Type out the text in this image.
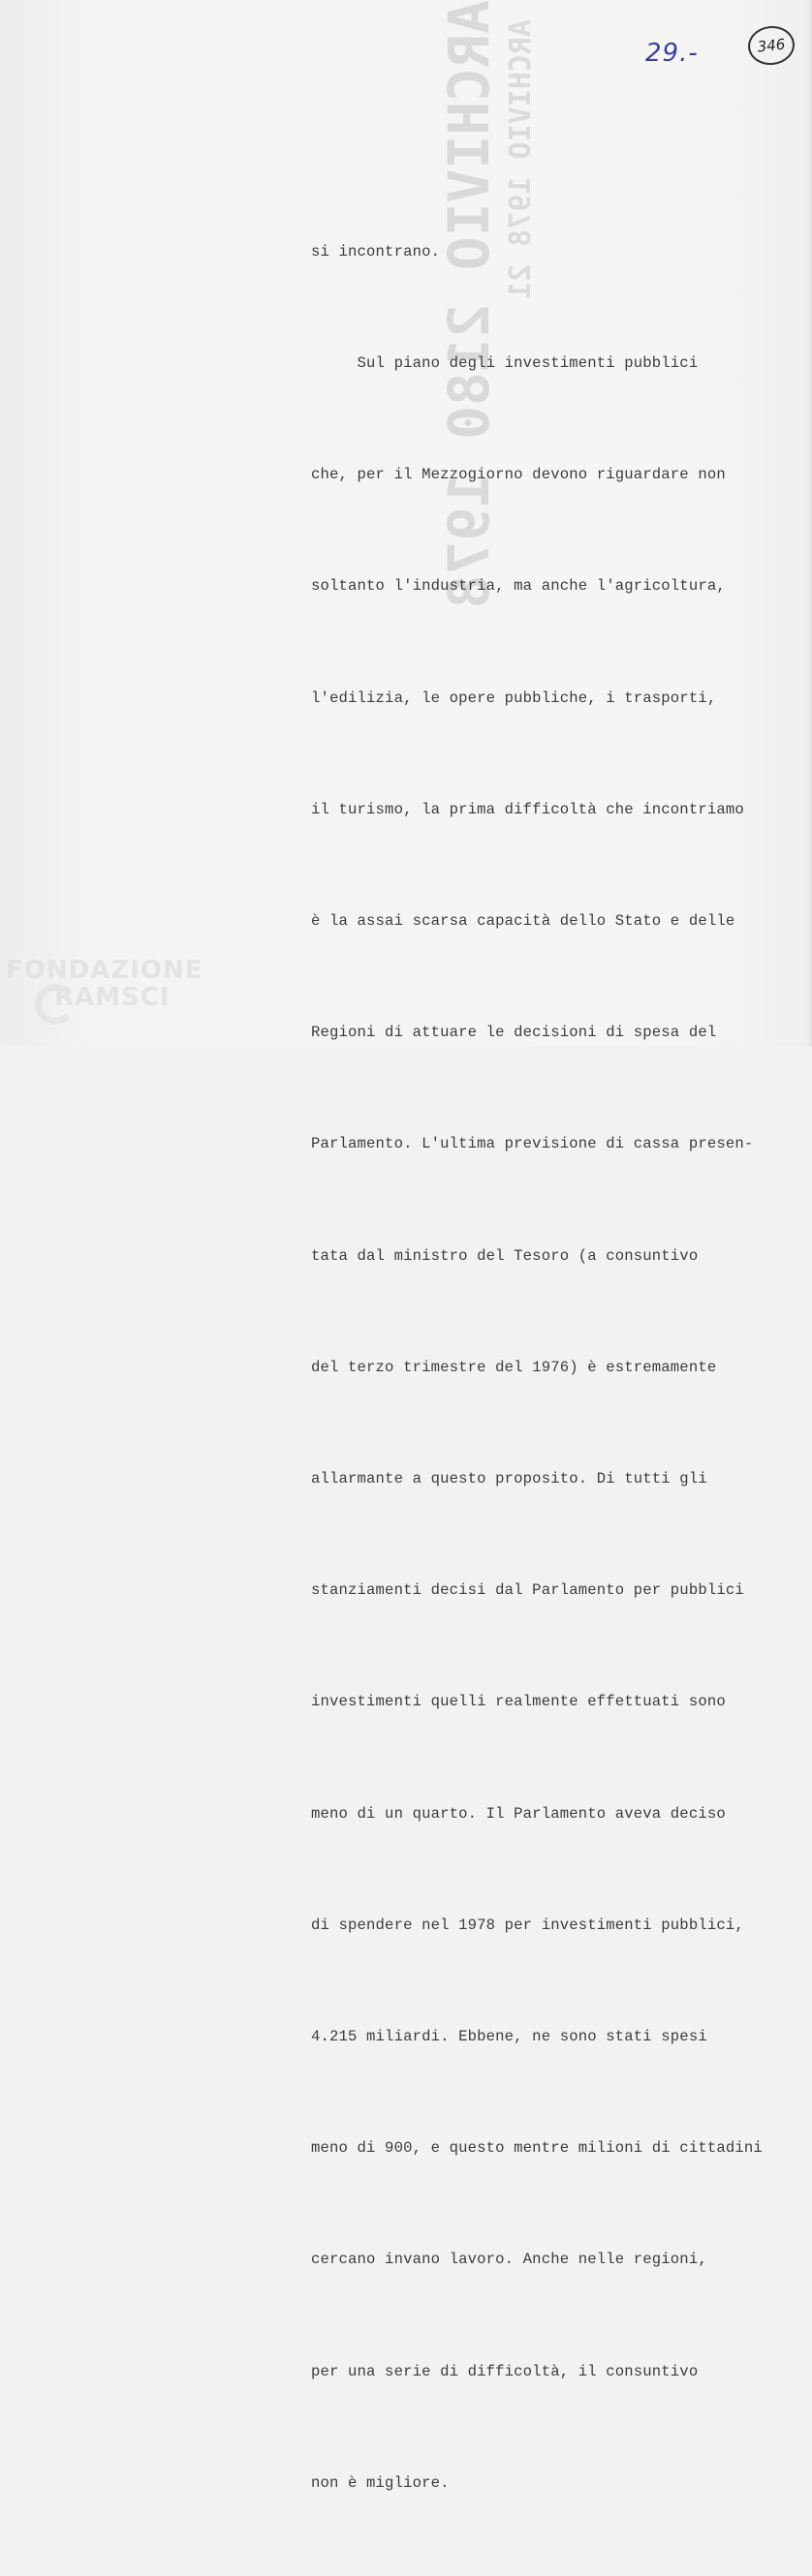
ARCHIVIO 2180 1978 ARCHIVIO 1978 21	29.-	346

si incontrano.

Sul piano degli investimenti pubblici

che, per il Mezzogiorno devono riguardare non

soltanto l'industria, ma anche l'agricoltura,

l'edilizia, le opere pubbliche, i trasporti,

il turismo, la prima difficoltà che incontriamo

è la assai scarsa capacità dello Stato e delle

Regioni di attuare le decisioni di spesa del

Parlamento. L'ultima previsione di cassa presen-

tata dal ministro del Tesoro (a consuntivo

del terzo trimestre del 1976) è estremamente

allarmante a questo proposito. Di tutti gli

stanziamenti decisi dal Parlamento per pubblici

investimenti quelli realmente effettuati sono

meno di un quarto. Il Parlamento aveva deciso

di spendere nel 1978 per investimenti pubblici,

4.215 miliardi. Ebbene, ne sono stati spesi

meno di 900, e questo mentre milioni di cittadini

cercano invano lavoro. Anche nelle regioni,

per una serie di difficoltà, il consuntivo

non è migliore.

FONDAZIONE
RAMSCI
